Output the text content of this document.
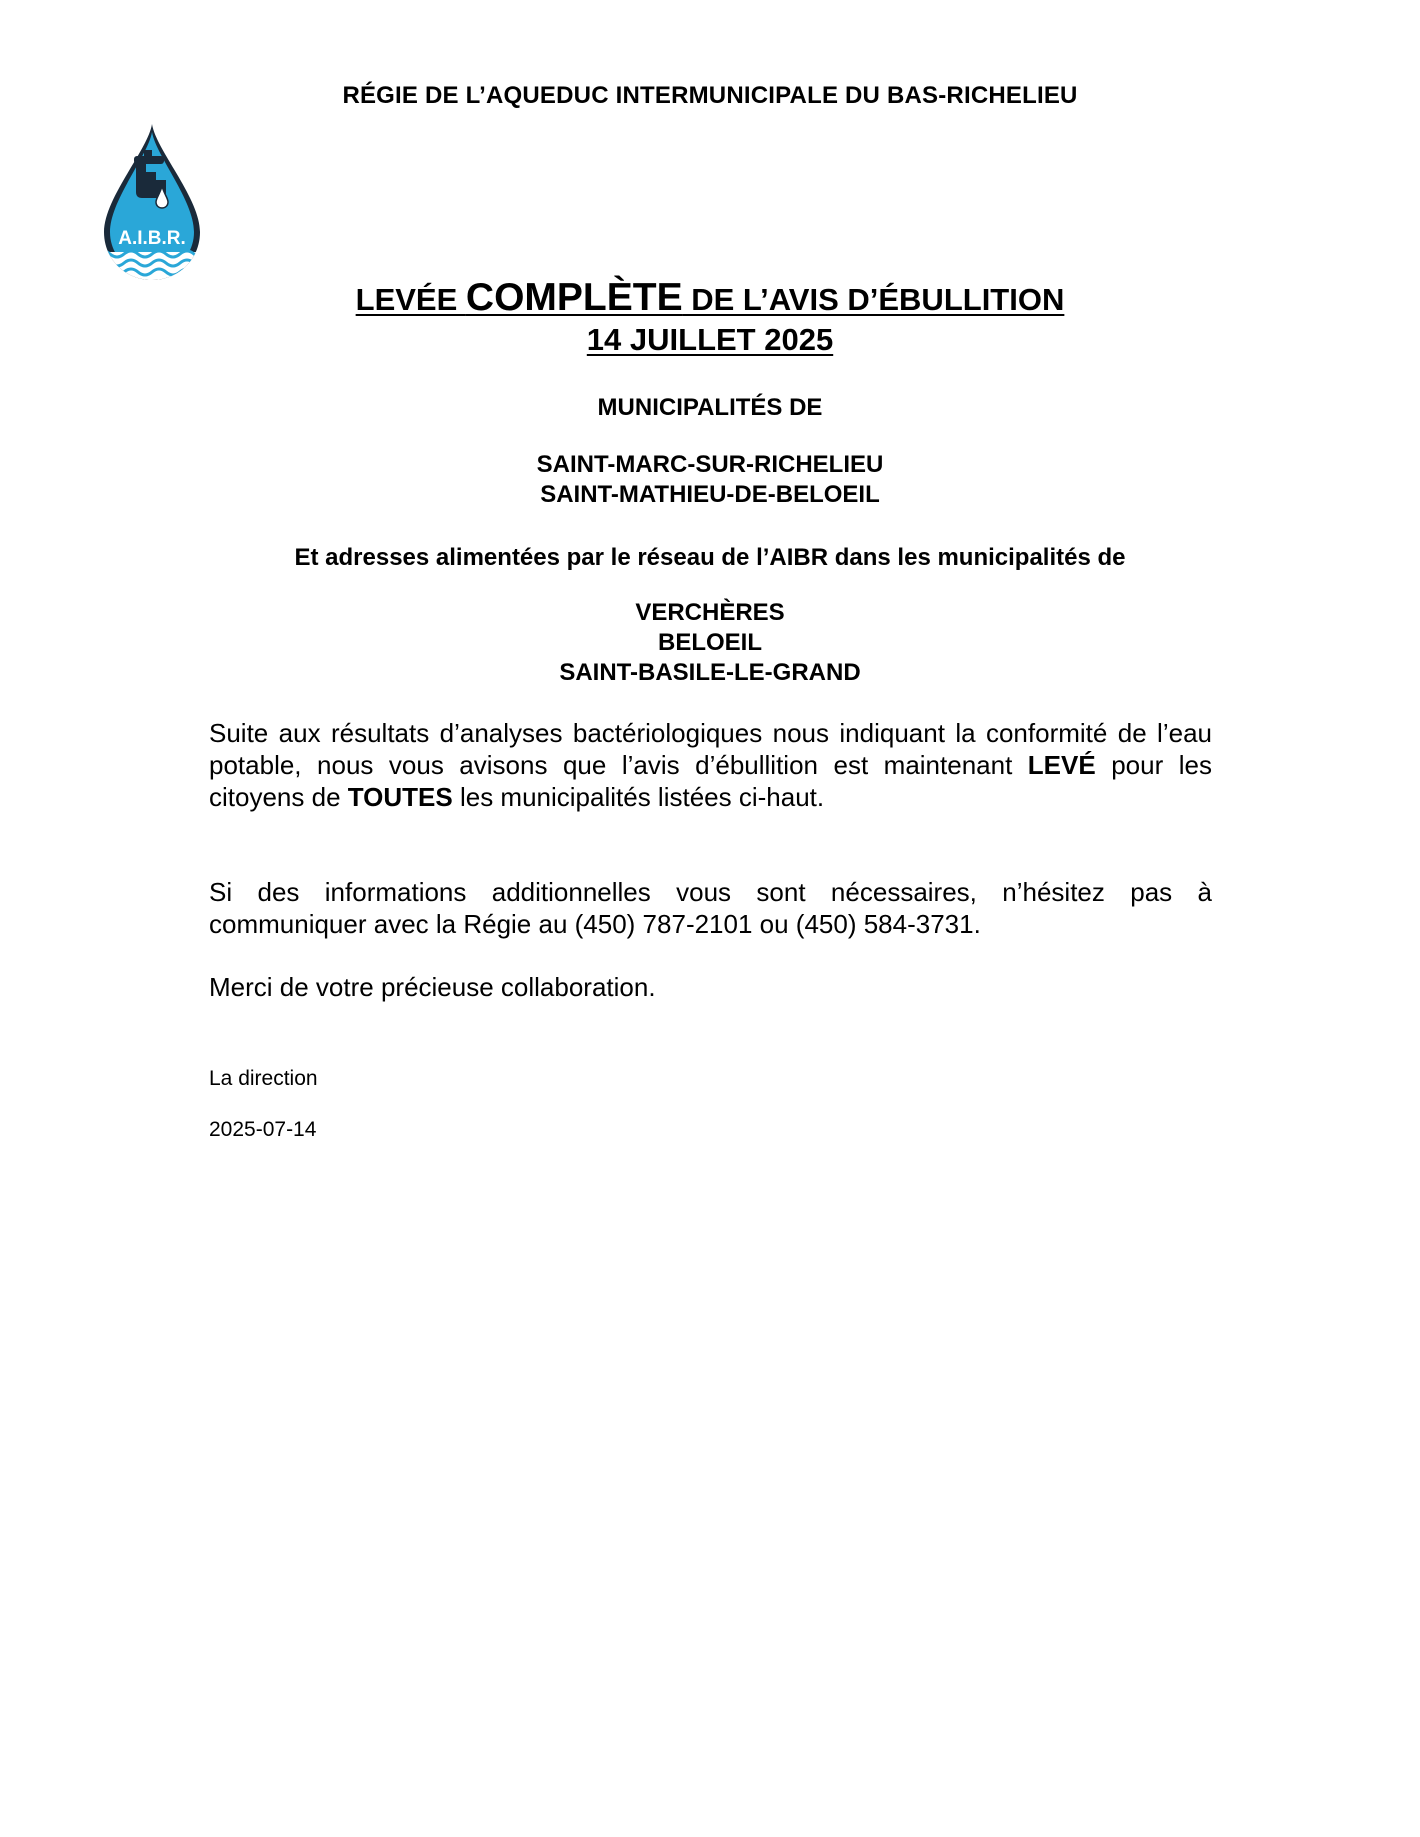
RÉGIE DE L’AQUEDUC INTERMUNICIPALE DU BAS-RICHELIEU
A.I.B.R.
LEVÉE COMPLÈTE DE L’AVIS D’ÉBULLITION
14 JUILLET 2025
MUNICIPALITÉS DE
SAINT-MARC-SUR-RICHELIEU
SAINT-MATHIEU-DE-BELOEIL
Et adresses alimentées par le réseau de l’AIBR dans les municipalités de
VERCHÈRES
BELOEIL
SAINT-BASILE-LE-GRAND
Suite aux résultats d’analyses bactériologiques nous indiquant la conformité de l’eau potable, nous vous avisons que l’avis d’ébullition est maintenant LEVÉ pour les citoyens de TOUTES les municipalités listées ci-haut.
Si des informations additionnelles vous sont nécessaires, n’hésitez pas à communiquer avec la Régie au (450) 787-2101 ou (450) 584-3731.
Merci de votre précieuse collaboration.
La direction
2025-07-14
